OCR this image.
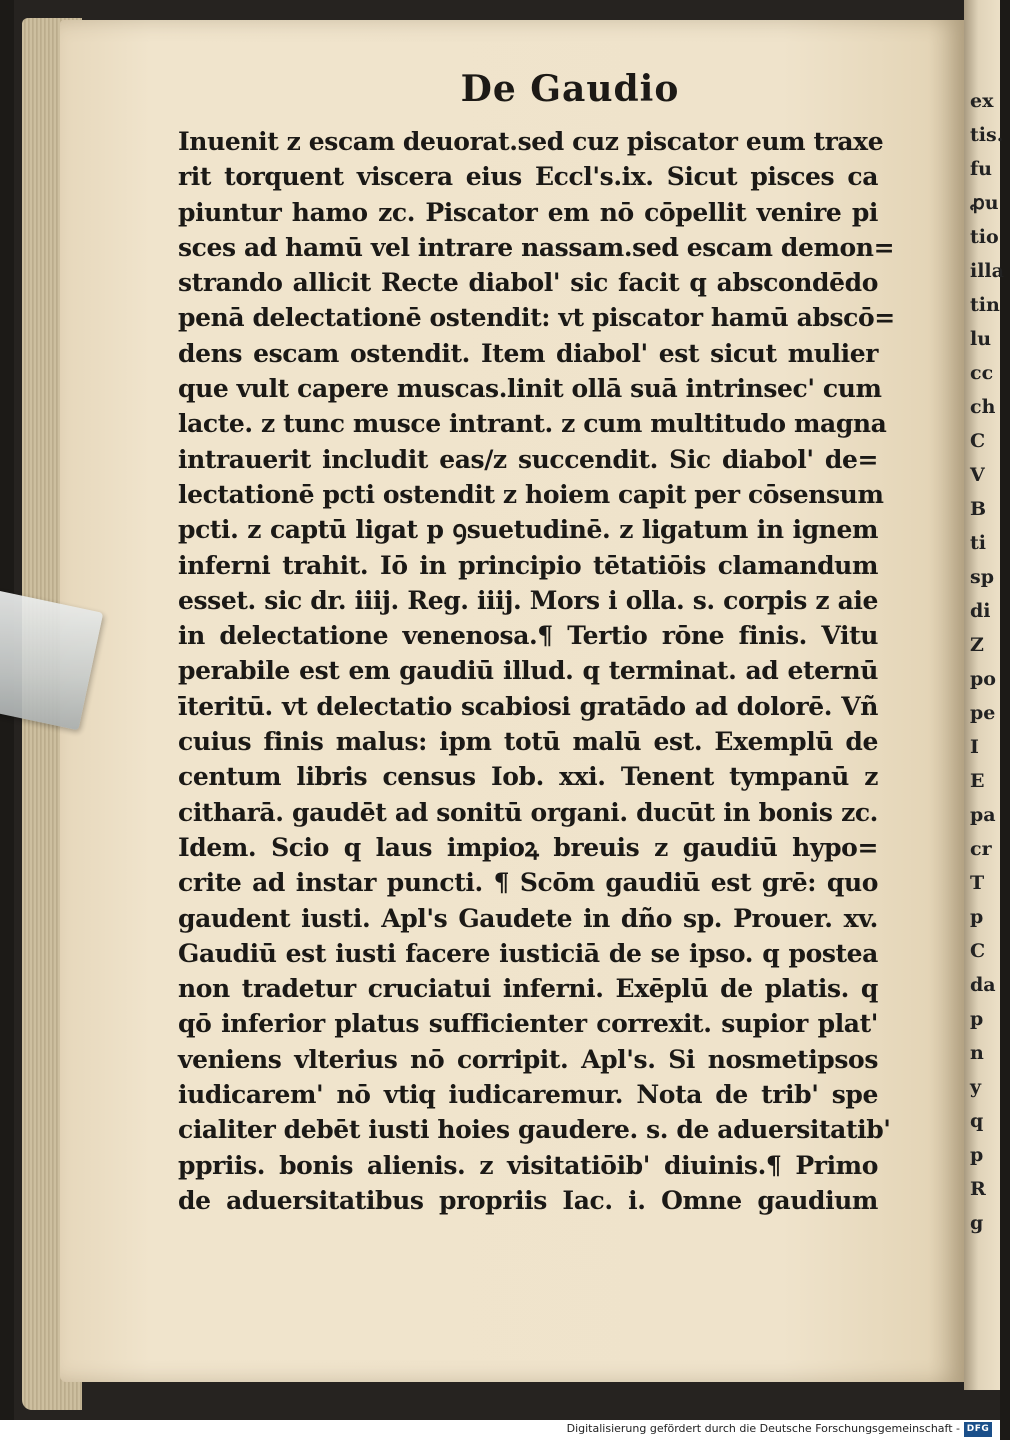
ex
tis.
fu
ꝓu
tio
illa
tin
lu
cc
ch
C
V
B
ti
sp
di
Z
po
pe
I
E
pa
cr
T
p
C
da
p
n
y
q
p
R
g
De Gaudio
Inuenit z escam deuorat.sed cuz piscator eum traxe
rit torquent viscera eius Eccl's.ix. Sicut pisces ca
piuntur hamo zc. Piscator em nō cōpellit venire pi
sces ad hamū vel intrare nassam.sed escam demon=
strando allicit Recte diabol' sic facit q abscondēdo
penā delectationē ostendit: vt piscator hamū abscō=
dens escam ostendit. Item diabol' est sicut mulier
que vult capere muscas.linit ollā suā intrinsec' cum
lacte. z tunc musce intrant. z cum multitudo magna
intrauerit includit eas/z succendit. Sic diabol' de=
lectationē pcti ostendit z hoiem capit per cōsensum
pcti. z captū ligat p ꝯsuetudinē. z ligatum in ignem
inferni trahit. Iō in principio tētatiōis clamandum
esset. sic dr. iiij. Reg. iiij. Mors i olla. s. corpis z aie
in delectatione venenosa.¶ Tertio rōne finis. Vitu
perabile est em gaudiū illud. q terminat. ad eternū
īteritū. vt delectatio scabiosi gratādo ad dolorē. Vñ
cuius finis malus: ipm totū malū est. Exemplū de
centum libris census Iob. xxi. Tenent tympanū z
citharā. gaudēt ad sonitū organi. ducūt in bonis zc.
Idem. Scio q laus impioꝝ breuis z gaudiū hypo=
crite ad instar puncti. ¶ Scōm gaudiū est grē: quo
gaudent iusti. Apl's Gaudete in dño sp. Prouer. xv.
Gaudiū est iusti facere iusticiā de se ipso. q postea
non tradetur cruciatui inferni. Exēplū de platis. q
qō inferior platus sufficienter correxit. supior plat'
veniens vlterius nō corripit. Apl's. Si nosmetipsos
iudicarem' nō vtiq iudicaremur. Nota de trib' spe
cialiter debēt iusti hoies gaudere. s. de aduersitatib'
ppriis. bonis alienis. z visitatiōib' diuinis.¶ Primo
de aduersitatibus propriis Iac. i. Omne gaudium
Digitalisierung gefördert durch die Deutsche Forschungsgemeinschaft - DFG
